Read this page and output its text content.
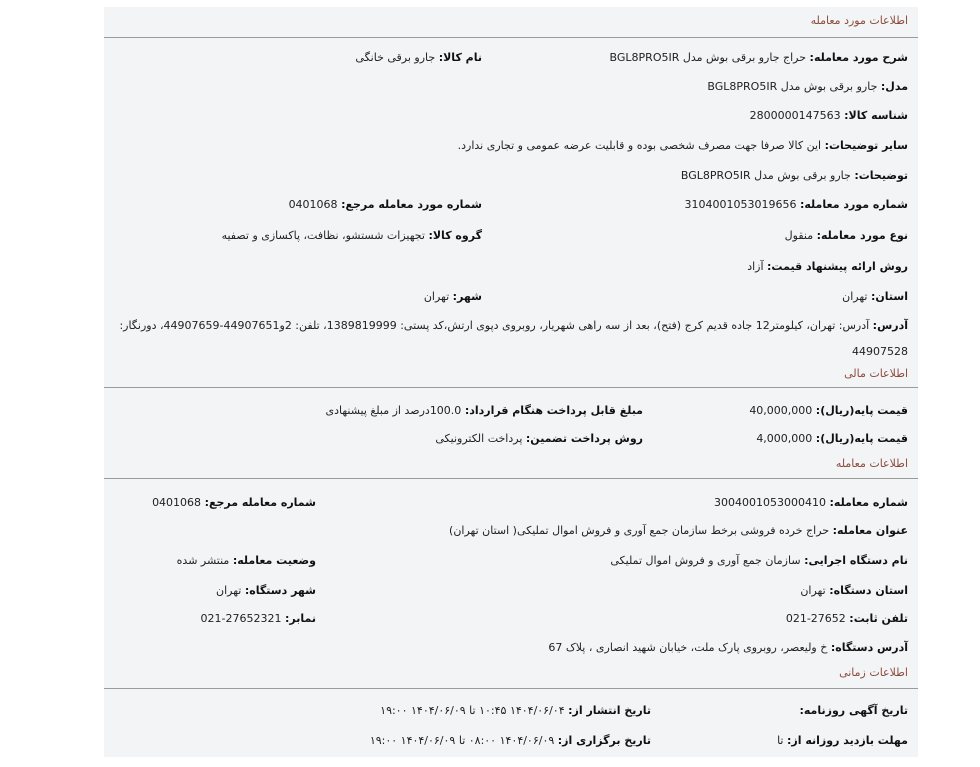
اطلاعات مورد معامله
شرح مورد معامله: حراج جارو برقی بوش مدل BGL8PRO5IR
نام کالا: جارو برقی خانگی
مدل: جارو برقی بوش مدل BGL8PRO5IR
شناسه کالا: 2800000147563
سایر توضیحات: این کالا صرفا جهت مصرف شخصی بوده و قابلیت عرضه عمومی و تجاری ندارد.
توضیحات: جارو برقی بوش مدل BGL8PRO5IR
شماره مورد معامله: 3104001053019656
شماره مورد معامله مرجع: 0401068
نوع مورد معامله: منقول
گروه کالا: تجهیزات شستشو، نظافت، پاکسازی و تصفیه
روش ارائه پیشنهاد قیمت: آزاد
استان: تهران
شهر: تهران
آدرس: آدرس: تهران، کیلومتر12 جاده قدیم کرج (فتح)، بعد از سه راهی شهریار، روبروی دپوی ارتش،کد پستی: 1389819999، تلفن: 2و44907651-44907659، دورنگار: 44907528
اطلاعات مالی
قیمت پایه(ریال): 40,000,000
مبلغ قابل پرداخت هنگام قرارداد: 100.0درصد از مبلغ پیشنهادی
قیمت پایه(ریال): 4,000,000
روش پرداخت تضمین: پرداخت الکترونیکی
اطلاعات معامله
شماره معامله: 3004001053000410
شماره معامله مرجع: 0401068
عنوان معامله: حراج خرده فروشی برخط سازمان جمع آوری و فروش اموال تملیکی( استان تهران)
نام دستگاه اجرایی: سازمان جمع آوری و فروش اموال تملیکی
وضعیت معامله: منتشر شده
استان دستگاه: تهران
شهر دستگاه: تهران
تلفن ثابت: 021-27652
نمابر: 021-27652321
آدرس دستگاه: خ ولیعصر، روبروی پارک ملت، خیابان شهید انصاری ، پلاک 67
اطلاعات زمانی
تاریخ آگهی روزنامه:
تاریخ انتشار از: ۱۴۰۴/۰۶/۰۴ ۱۰:۴۵ تا ۱۴۰۴/۰۶/۰۹ ۱۹:۰۰
مهلت بازدید روزانه از: تا
تاریخ برگزاری از: ۱۴۰۴/۰۶/۰۹ ۰۸:۰۰ تا ۱۴۰۴/۰۶/۰۹ ۱۹:۰۰
